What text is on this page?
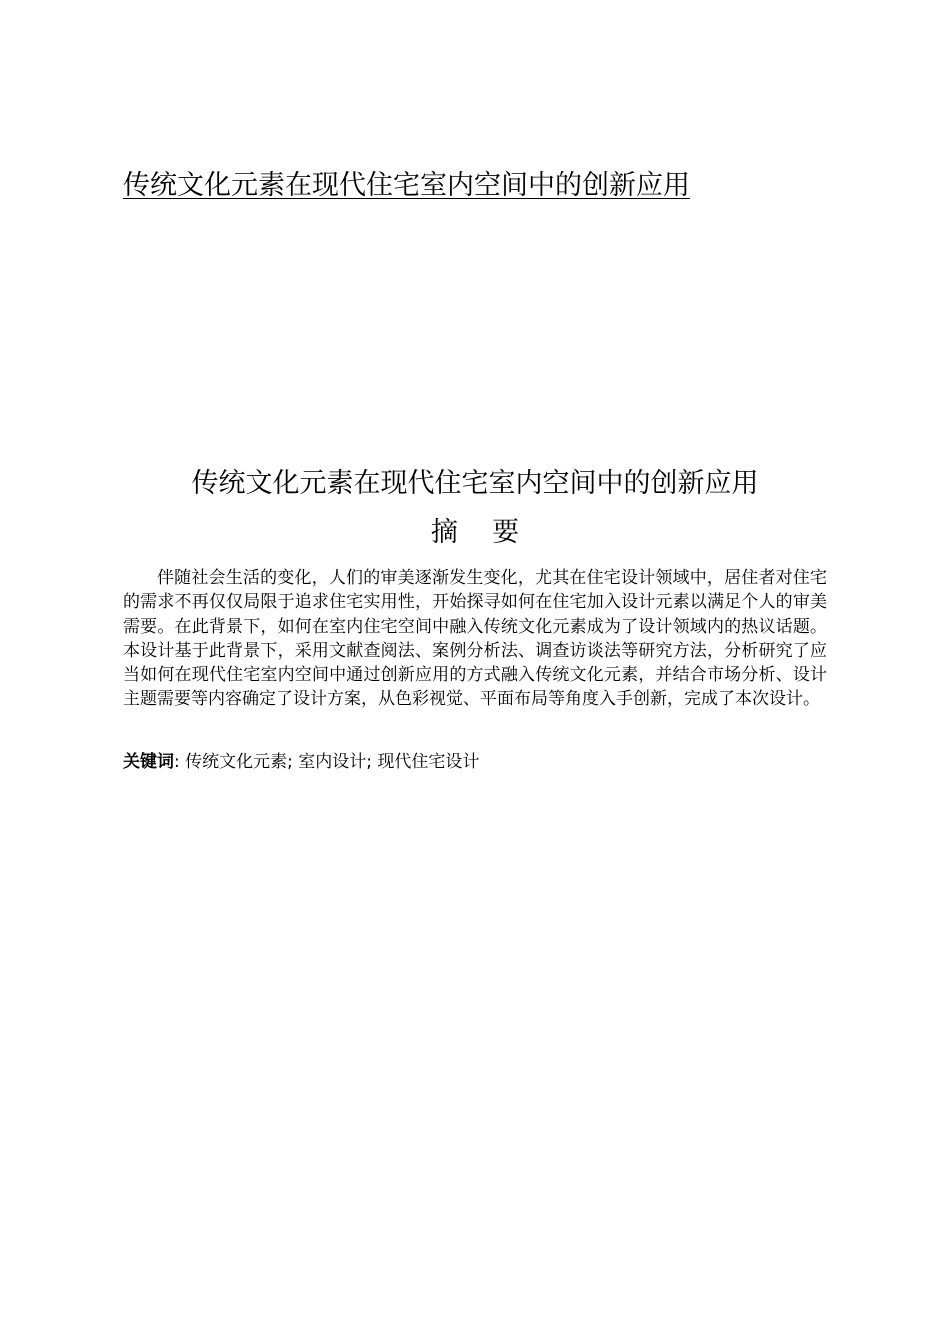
传统文化元素在现代住宅室内空间中的创新应用
传统文化元素在现代住宅室内空间中的创新应用
摘    要

伴随社会生活的变化，人们的审美逐渐发生变化，尤其在住宅设计领域中，居住者对住宅的需求不再仅仅局限于追求住宅实用性，开始探寻如何在住宅加入设计元素以满足个人的审美需要。在此背景下，如何在室内住宅空间中融入传统文化元素成为了设计领域内的热议话题。本设计基于此背景下，采用文献查阅法、案例分析法、调查访谈法等研究方法，分析研究了应当如何在现代住宅室内空间中通过创新应用的方式融入传统文化元素，并结合市场分析、设计主题需要等内容确定了设计方案，从色彩视觉、平面布局等角度入手创新，完成了本次设计。

关键词: 传统文化元素; 室内设计; 现代住宅设计
